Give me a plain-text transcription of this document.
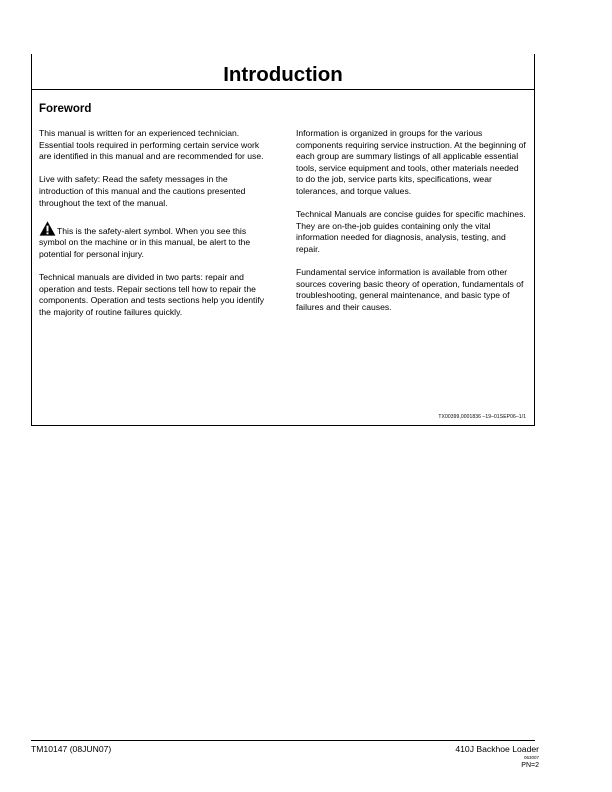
Introduction
Foreword

This manual is written for an experienced technician. Essential tools required in performing certain service work are identified in this manual and are recommended for use.

Live with safety: Read the safety messages in the introduction of this manual and the cautions presented throughout the text of the manual.

This is the safety-alert symbol. When you see this symbol on the machine or in this manual, be alert to the potential for personal injury.

Technical manuals are divided in two parts: repair and operation and tests. Repair sections tell how to repair the components. Operation and tests sections help you identify the majority of routine failures quickly.

Information is organized in groups for the various components requiring service instruction. At the beginning of each group are summary listings of all applicable essential tools, service equipment and tools, other materials needed to do the job, service parts kits, specifications, wear tolerances, and torque values.

Technical Manuals are concise guides for specific machines. They are on-the-job guides containing only the vital information needed for diagnosis, analysis, testing, and repair.

Fundamental service information is available from other sources covering basic theory of operation, fundamentals of troubleshooting, general maintenance, and basic type of failures and their causes.

TX00399,0001836 –19–01SEP06–1/1
TM10147 (08JUN07)	410J Backhoe Loader
063007
PN=2
